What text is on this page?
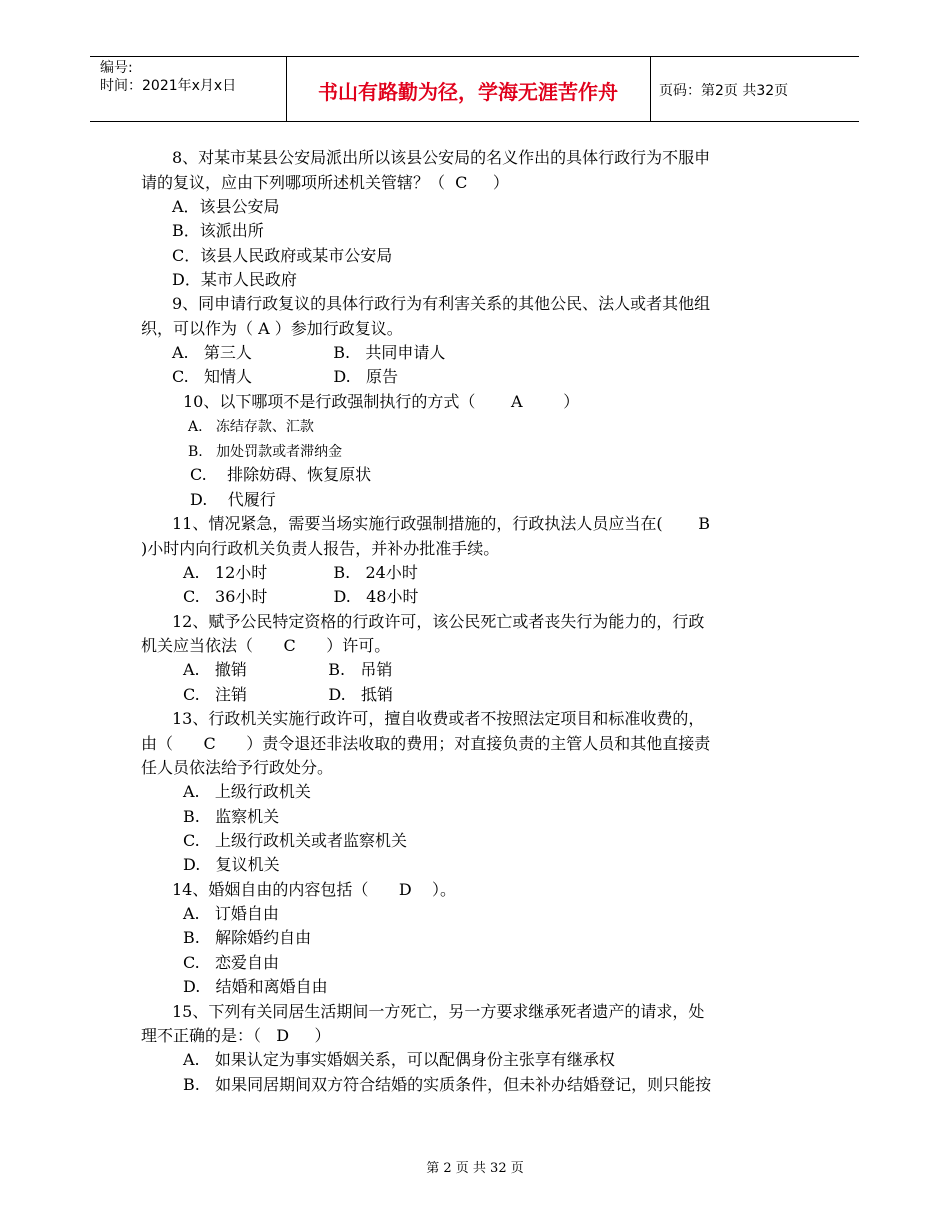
编号:
时间：2021年x月x日	书山有路勤为径，学海无涯苦作舟	页码：第2页 共32页
8、对某市某县公安局派出所以该县公安局的名义作出的具体行政行为不服申
请的复议，应由下列哪项所述机关管辖？（  C     ）
A．该县公安局
B．该派出所
C．该县人民政府或某市公安局
D．某市人民政府
9、同申请行政复议的具体行政行为有利害关系的其他公民、法人或者其他组
织，可以作为（ A ）参加行政复议。
A.   第三人                B.   共同申请人
C.   知情人                D.   原告
10、以下哪项不是行政强制执行的方式（       A        ）
A.   冻结存款、汇款
B.   加处罚款或者滞纳金
C.    排除妨碍、恢复原状
D.    代履行
11、情况紧急，需要当场实施行政强制措施的，行政执法人员应当在(       B
)小时内向行政机关负责人报告，并补办批准手续。
A.   12小时             B.   24小时
C.   36小时             D.   48小时
12、赋予公民特定资格的行政许可，该公民死亡或者丧失行为能力的，行政
机关应当依法（      C      ）许可。
A.   撤销                B.   吊销
C.   注销                D.   抵销
13、行政机关实施行政许可，擅自收费或者不按照法定项目和标准收费的，
由（      C      ）责令退还非法收取的费用；对直接负责的主管人员和其他直接责
任人员依法给予行政处分。
A.   上级行政机关
B.   监察机关
C.   上级行政机关或者监察机关
D.   复议机关
14、婚姻自由的内容包括（      D    ）。
A.   订婚自由
B.   解除婚约自由
C.   恋爱自由
D.   结婚和离婚自由
15、下列有关同居生活期间一方死亡，另一方要求继承死者遗产的请求，处
理不正确的是：（   D     ）
A.   如果认定为事实婚姻关系，可以配偶身份主张享有继承权
B.   如果同居期间双方符合结婚的实质条件，但未补办结婚登记，则只能按
第 2 页 共 32 页
